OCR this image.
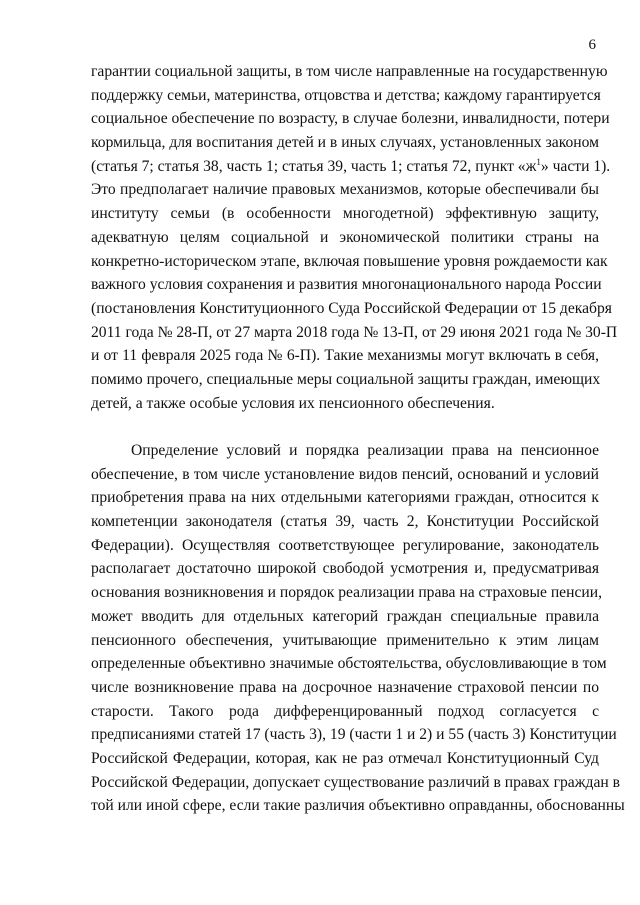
6
гарантии социальной защиты, в том числе направленные на государственную
поддержку семьи, материнства, отцовства и детства; каждому гарантируется
социальное обеспечение по возрасту, в случае болезни, инвалидности, потери
кормильца, для воспитания детей и в иных случаях, установленных законом
(статья 7; статья 38, часть 1; статья 39, часть 1; статья 72, пункт «$ж^1$» части 1).
Это предполагает наличие правовых механизмов, которые обеспечивали бы
институту семьи (в особенности многодетной) эффективную защиту,
адекватную целям социальной и экономической политики страны на
конкретно-историческом этапе, включая повышение уровня рождаемости как
важного условия сохранения и развития многонационального народа России
(постановления Конституционного Суда Российской Федерации от 15 декабря
2011 года № 28-П, от 27 марта 2018 года № 13-П, от 29 июня 2021 года № 30-П
и от 11 февраля 2025 года № 6-П). Такие механизмы могут включать в себя,
помимо прочего, специальные меры социальной защиты граждан, имеющих
детей, а также особые условия их пенсионного обеспечения.
Определение условий и порядка реализации права на пенсионное
обеспечение, в том числе установление видов пенсий, оснований и условий
приобретения права на них отдельными категориями граждан, относится к
компетенции законодателя (статья 39, часть 2, Конституции Российской
Федерации). Осуществляя соответствующее регулирование, законодатель
располагает достаточно широкой свободой усмотрения и, предусматривая
основания возникновения и порядок реализации права на страховые пенсии,
может вводить для отдельных категорий граждан специальные правила
пенсионного обеспечения, учитывающие применительно к этим лицам
определенные объективно значимые обстоятельства, обусловливающие в том
числе возникновение права на досрочное назначение страховой пенсии по
старости. Такого рода дифференцированный подход согласуется с
предписаниями статей 17 (часть 3), 19 (части 1 и 2) и 55 (часть 3) Конституции
Российской Федерации, которая, как не раз отмечал Конституционный Суд
Российской Федерации, допускает существование различий в правах граждан в
той или иной сфере, если такие различия объективно оправданны, обоснованны
